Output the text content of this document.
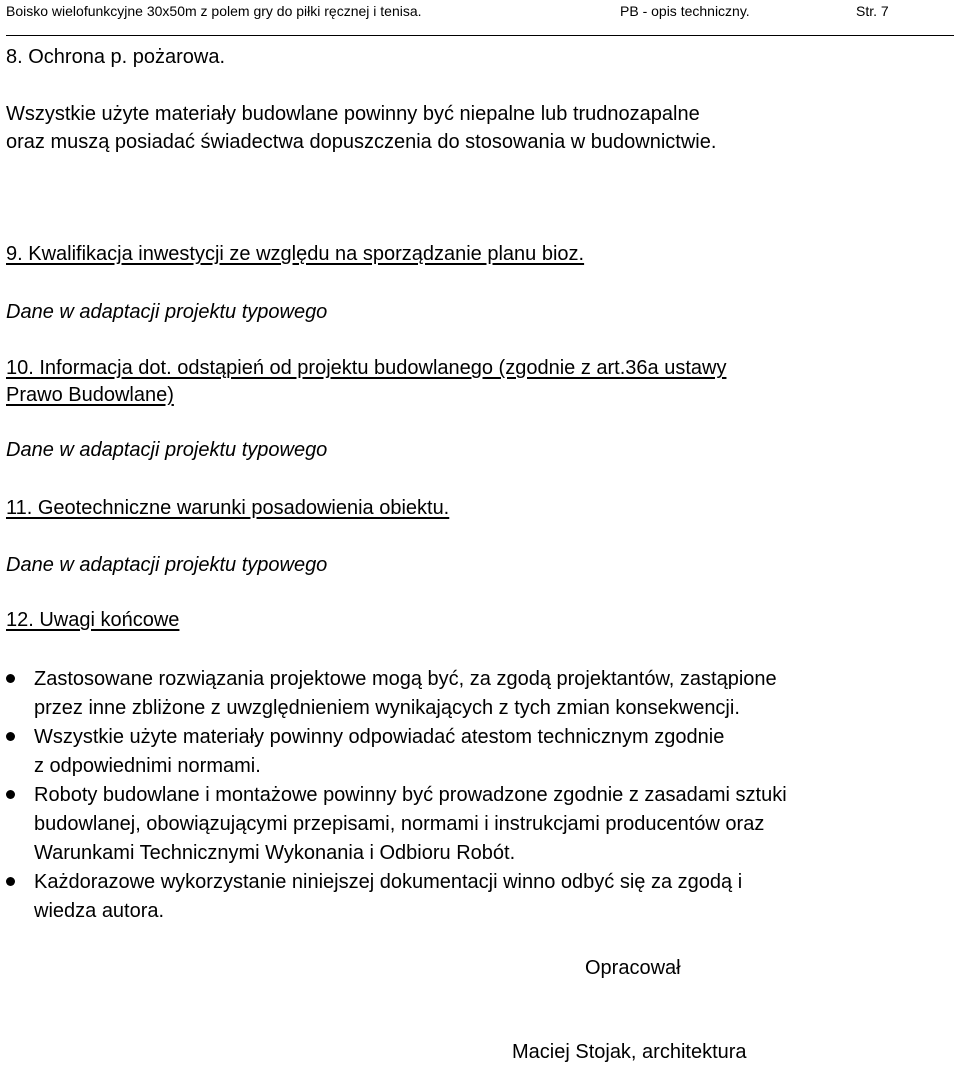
Boisko wielofunkcyjne 30x50m z polem gry do piłki ręcznej i tenisa.	PB - opis techniczny.	Str. 7
8. Ochrona p. pożarowa.
Wszystkie użyte materiały budowlane powinny być niepalne lub trudnozapalne
oraz muszą posiadać świadectwa dopuszczenia do stosowania w budownictwie.
9. Kwalifikacja inwestycji ze względu na sporządzanie planu bioz.
Dane w adaptacji projektu typowego
10. Informacja dot. odstąpień od projektu budowlanego (zgodnie z art.36a ustawy
Prawo Budowlane)
Dane w adaptacji projektu typowego
11. Geotechniczne warunki posadowienia obiektu.
Dane w adaptacji projektu typowego
12. Uwagi końcowe
Zastosowane rozwiązania projektowe mogą być, za zgodą projektantów, zastąpione
przez inne zbliżone z uwzględnieniem wynikających z tych zmian konsekwencji.
Wszystkie użyte materiały powinny odpowiadać atestom technicznym zgodnie
z odpowiednimi normami.
Roboty budowlane i montażowe powinny być prowadzone zgodnie z zasadami sztuki
budowlanej, obowiązującymi przepisami, normami i instrukcjami producentów oraz
Warunkami Technicznymi Wykonania i Odbioru Robót.
Każdorazowe wykorzystanie niniejszej dokumentacji winno odbyć się za zgodą i
wiedza autora.
Opracował
Maciej Stojak, architektura
